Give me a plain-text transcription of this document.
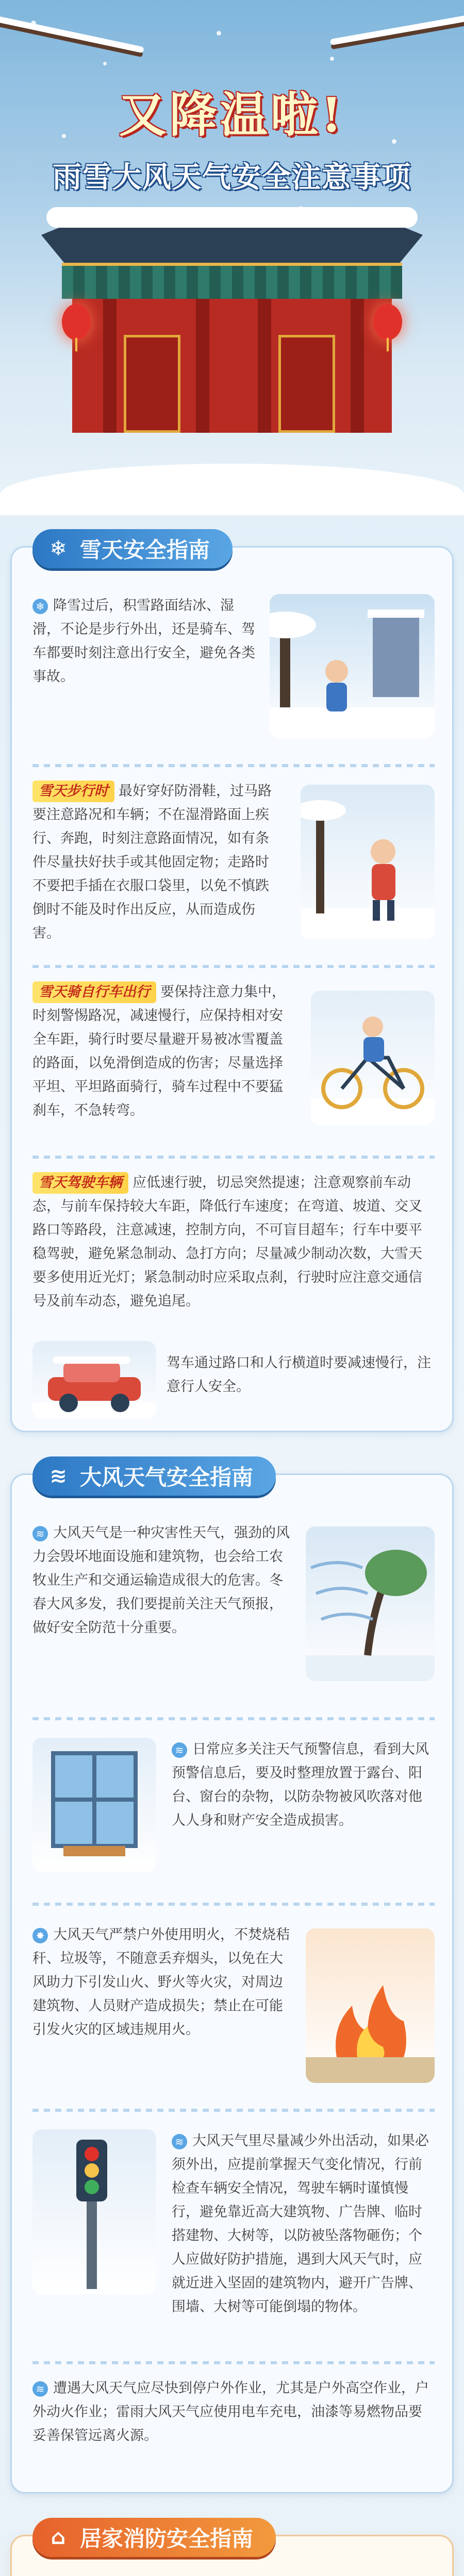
又降温啦!
雨雪大风天气安全注意事项
❄ 雪天安全指南
❄ 降雪过后，积雪路面结冰、湿滑，不论是步行外出，还是骑车、驾车都要时刻注意出行安全，避免各类事故。
雪天步行时 最好穿好防滑鞋，过马路要注意路况和车辆；不在湿滑路面上疾行、奔跑，时刻注意路面情况，如有条件尽量扶好扶手或其他固定物；走路时不要把手插在衣服口袋里，以免不慎跌倒时不能及时作出反应，从而造成伤害。
雪天骑自行车出行 要保持注意力集中，时刻警惕路况，减速慢行，应保持相对安全车距，骑行时要尽量避开易被冰雪覆盖的路面，以免滑倒造成的伤害；尽量选择平坦、平坦路面骑行，骑车过程中不要猛刹车，不急转弯。
雪天驾驶车辆 应低速行驶，切忌突然提速；注意观察前车动态，与前车保持较大车距，降低行车速度；在弯道、坡道、交叉路口等路段，注意减速，控制方向，不可盲目超车；行车中要平稳驾驶，避免紧急制动、急打方向；尽量减少制动次数，大雪天要多使用近光灯；紧急制动时应采取点刹，行驶时应注意交通信号及前车动态，避免追尾。
驾车通过路口和人行横道时要减速慢行，注意行人安全。
≋ 大风天气安全指南
≋ 大风天气是一种灾害性天气，强劲的风力会毁坏地面设施和建筑物，也会给工农牧业生产和交通运输造成很大的危害。冬春大风多发，我们要提前关注天气预报，做好安全防范十分重要。
≋ 日常应多关注天气预警信息，看到大风预警信息后，要及时整理放置于露台、阳台、窗台的杂物，以防杂物被风吹落对他人人身和财产安全造成损害。
✸ 大风天气严禁户外使用明火，不焚烧秸秆、垃圾等，不随意丢弃烟头，以免在大风助力下引发山火、野火等火灾，对周边建筑物、人员财产造成损失；禁止在可能引发火灾的区域违规用火。
≋ 大风天气里尽量减少外出活动，如果必须外出，应提前掌握天气变化情况，行前检查车辆安全情况，驾驶车辆时谨慎慢行，避免靠近高大建筑物、广告牌、临时搭建物、大树等，以防被坠落物砸伤；个人应做好防护措施，遇到大风天气时，应就近进入坚固的建筑物内，避开广告牌、围墙、大树等可能倒塌的物体。
≋ 遭遇大风天气应尽快到停户外作业，尤其是户外高空作业，户外动火作业；雷雨大风天气应使用电车充电，油漆等易燃物品要妥善保管远离火源。
⌂ 居家消防安全指南
